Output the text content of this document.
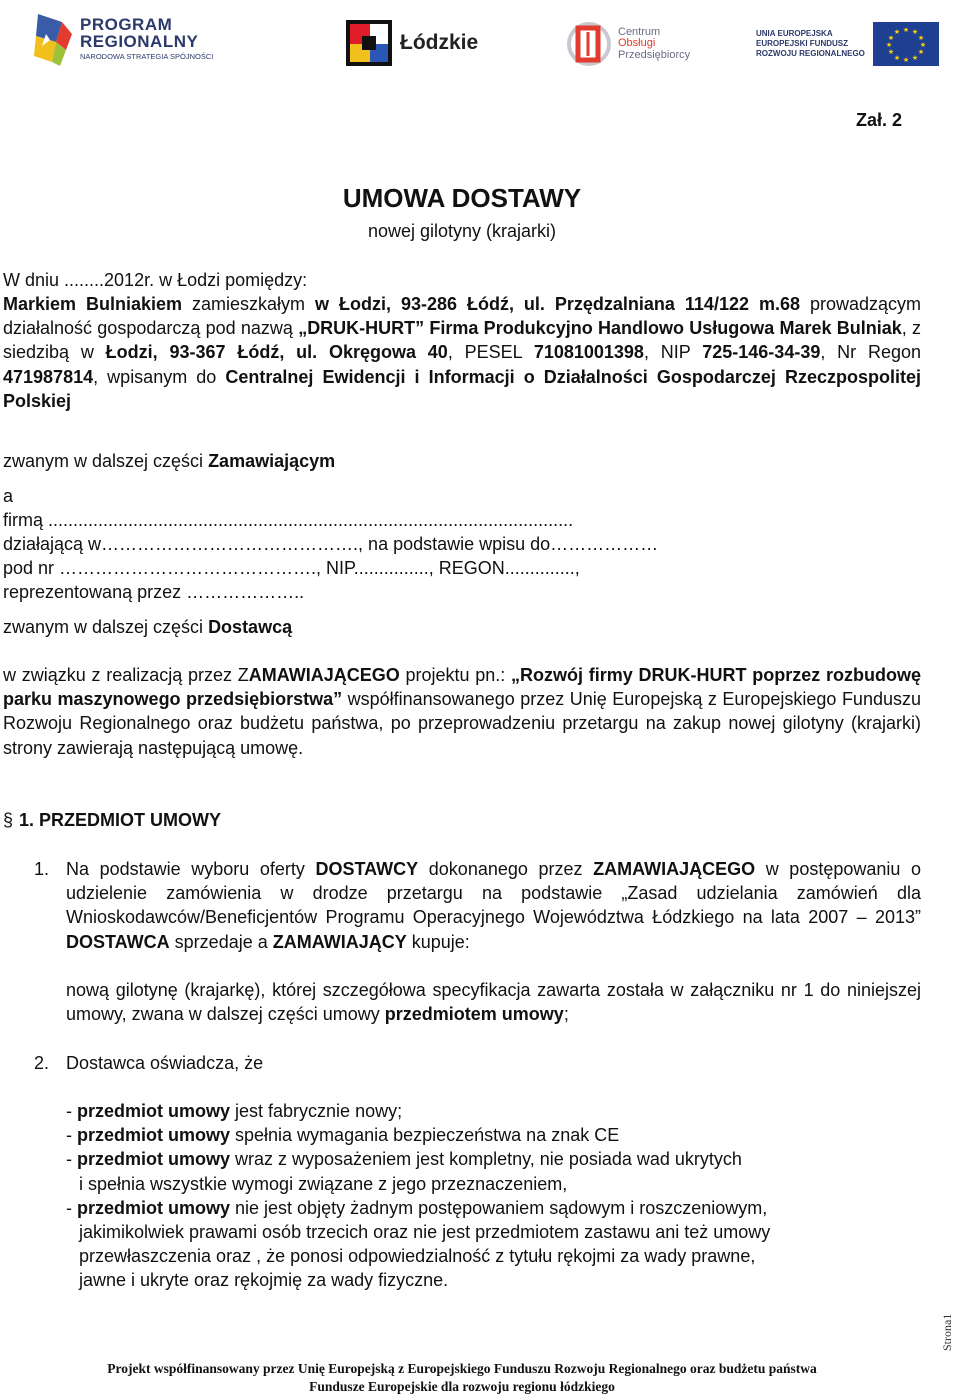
PROGRAM
REGIONALNY
NARODOWA STRATEGIA SPÓJNOŚCI
Łódzkie	Centrum
Obsługi
Przedsiębiorcy
UNIA EUROPEJSKA
EUROPEJSKI FUNDUSZ
ROZWOJU REGIONALNEGO
★ ★
★
★
★
★
★
★
★
★
★
★
Zał. 2
UMOWA DOSTAWY
nowej gilotyny (krajarki)
W dniu ........2012r. w Łodzi pomiędzy:
Markiem Bulniakiem zamieszkałym w Łodzi, 93-286 Łódź, ul. Przędzalniana 114/122 m.68 prowadzącym działalność gospodarczą pod nazwą „DRUK-HURT” Firma Produkcyjno Handlowo Usługowa Marek Bulniak, z siedzibą w Łodzi, 93-367 Łódź, ul. Okręgowa 40, PESEL 71081001398, NIP 725-146-34-39, Nr Regon 471987814, wpisanym do Centralnej Ewidencji i Informacji o Działalności Gospodarczej Rzeczpospolitej Polskiej
zwanym w dalszej części Zamawiającym
a
firmą .........................................................................................................
działającą w……………………………………., na podstawie wpisu do………………
pod nr ……………………………………., NIP..............., REGON..............,
reprezentowaną przez ………………..
zwanym w dalszej części Dostawcą
w związku z realizacją przez ZAMAWIAJĄCEGO projektu pn.: „Rozwój firmy DRUK-HURT poprzez rozbudowę parku maszynowego przedsiębiorstwa” współfinansowanego przez Unię Europejską z Europejskiego Funduszu Rozwoju Regionalnego oraz budżetu państwa, po przeprowadzeniu przetargu na zakup nowej gilotyny (krajarki) strony zawierają następującą umowę.
§ 1. PRZEDMIOT UMOWY
1. Na podstawie wyboru oferty DOSTAWCY dokonanego przez ZAMAWIAJĄCEGO w postępowaniu o udzielenie zamówienia w drodze przetargu na podstawie „Zasad udzielania zamówień dla Wnioskodawców/Beneficjentów Programu Operacyjnego Województwa Łódzkiego na lata 2007 – 2013” DOSTAWCA sprzedaje a ZAMAWIAJĄCY kupuje:
nową gilotynę (krajarkę), której szczegółowa specyfikacja zawarta została w załączniku nr 1 do niniejszej umowy, zwana w dalszej części umowy przedmiotem umowy;
2. Dostawca oświadcza, że
- przedmiot umowy jest fabrycznie nowy;
- przedmiot umowy spełnia wymagania bezpieczeństwa na znak CE
- przedmiot umowy wraz z wyposażeniem jest kompletny, nie posiada wad ukrytych
i spełnia wszystkie wymogi związane z jego przeznaczeniem,
- przedmiot umowy nie jest objęty żadnym postępowaniem sądowym i roszczeniowym,
jakimikolwiek prawami osób trzecich oraz nie jest przedmiotem zastawu ani też umowy
przewłaszczenia oraz , że ponosi odpowiedzialność z tytułu rękojmi za wady prawne,
jawne i ukryte oraz rękojmię za wady fizyczne.
Projekt współfinansowany przez Unię Europejską z Europejskiego Funduszu Rozwoju Regionalnego oraz budżetu państwa
Fundusze Europejskie dla rozwoju regionu łódzkiego
Strona1
